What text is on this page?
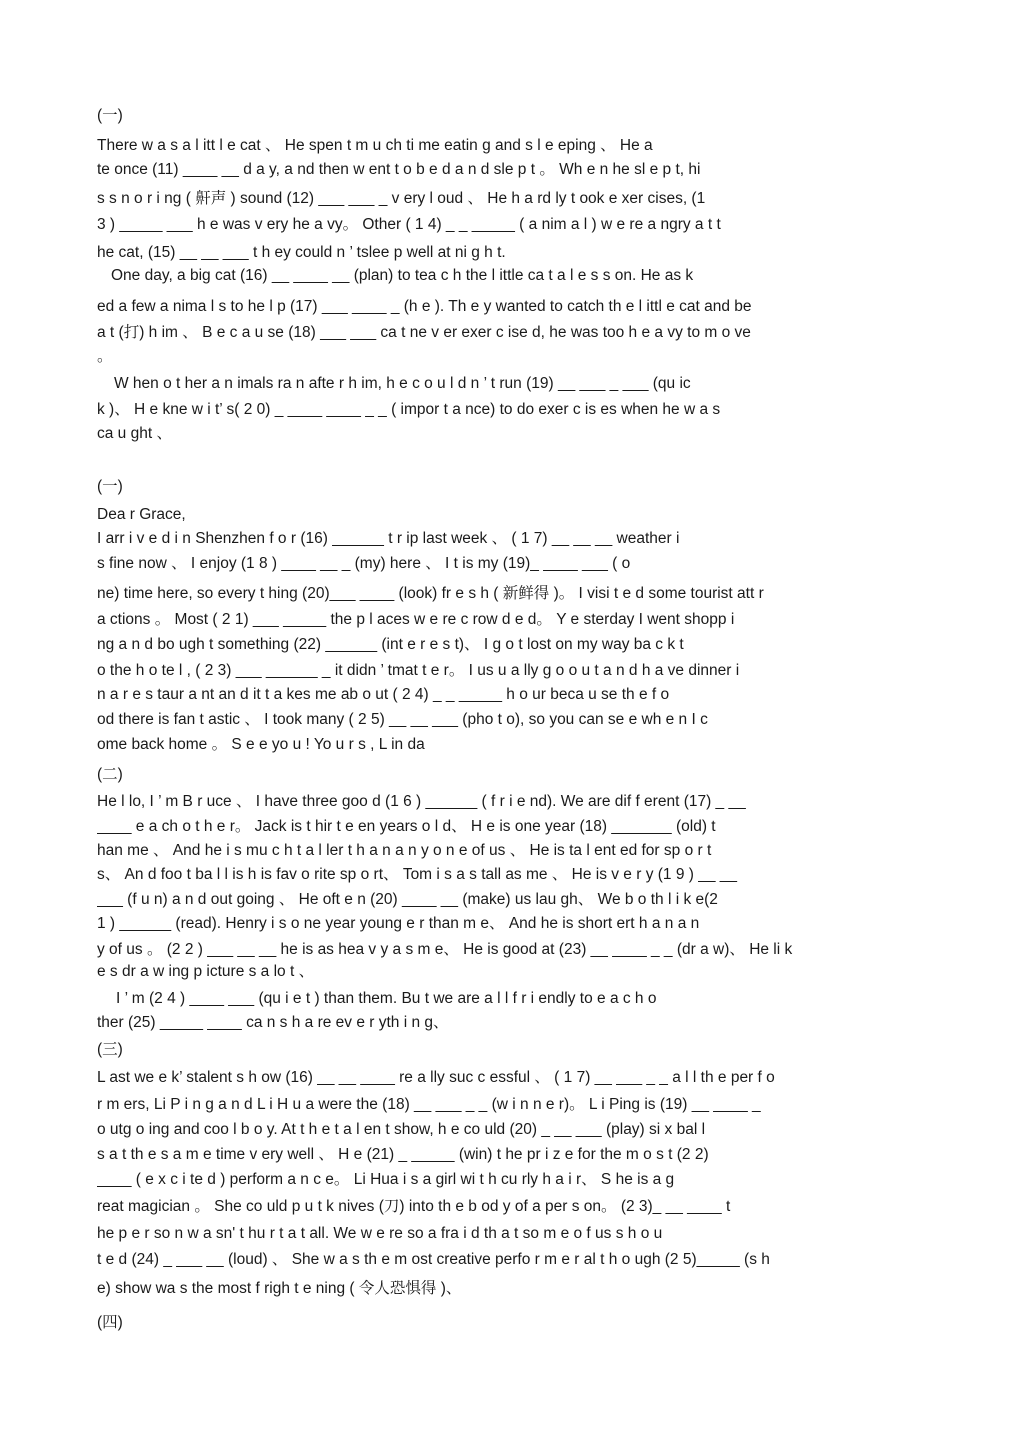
(一)
There w a s a l itt l e cat 、 He spen t m u ch ti me eatin g and s l e eping 、 He a
te once (11) ____ __ d a y, a nd then w ent t o b e d a n d sle p t 。 Wh e n he sl e p t, hi
s s n o r i ng ( 鼾声 ) sound (12) ___ ___ _ v ery l oud 、 He h a rd ly t ook e xer cises, (1
3 ) _____ ___ h e was v ery he a vy。 Other ( 1 4) _ _ _____ ( a nim a l ) w e re a ngry a t t
he cat, (15) __ __ ___ t h ey could n ’ tslee p well at ni g h t.
One day, a big cat (16) __ ____ __ (plan) to tea c h the l ittle ca t a l e s s on. He as k
ed a few a nima l s to he l p (17) ___ ____ _ (h e ). Th e y wanted to catch th e l ittl e cat and be
a t (打) h im 、 B e c a u se (18) ___ ___ ca t ne v er exer c ise d, he was too h e a vy to m o ve
。
W hen o t her a n imals ra n afte r h im, h e c o u l d n ’ t run (19) __ ___ _ ___ (qu ic
k )、 H e kne w i t’ s( 2 0) _ ____ ____ _ _ ( impor t a nce) to do exer c is es when he w a s
ca u ght 、
(一)
Dea r Grace,
I arr i v e d i n Shenzhen f o r (16) ______ t r ip last week 、 ( 1 7) __ __ __ weather i
s fine now 、 I enjoy (1 8 ) ____ __ _ (my) here 、 I t is my (19)_ ____ ___ ( o
ne) time here, so every t hing (20)___ ____ (look) fr e s h ( 新鲜得 )。 I visi t e d some tourist att r
a ctions 。 Most ( 2 1) ___ _____ the p l aces w e re c row d e d。 Y e sterday I went shopp i
ng a n d bo ugh t something (22) ______ (int e r e s t)、 I g o t lost on my way ba c k t
o the h o te l , ( 2 3) ___ ______ _ it didn ’ tmat t e r。 I us u a lly g o o u t a n d h a ve dinner i
n a r e s taur a nt an d it t a kes me ab o ut ( 2 4) _ _ _____ h o ur beca u se th e f o
od there is fan t astic 、 I took many ( 2 5) __ __ ___ (pho t o), so you can se e wh e n I c
ome back home 。 S e e yo u ! Yo u r s , L in da
(二)
He l lo, I ’ m B r uce 、 I have three goo d (1 6 ) ______ ( f r i e nd). We are dif f erent (17) _ __
____ e a ch o t h e r。 Jack is t hir t e en years o l d、 H e is one year (18) _______ (old) t
han me 、 And he i s mu c h t a l ler t h a n a n y o n e of us 、 He is ta l ent ed for sp o r t
s、 An d foo t ba l l is h is fav o rite sp o rt、 Tom i s a s tall as me 、 He is v e r y (1 9 ) __ __
___ (f u n) a n d out going 、 He oft e n (20) ____ __ (make) us lau gh、 We b o th l i k e(2
1 ) ______ (read). Henry i s o ne year young e r than m e、 And he is short ert h a n a n
y of us 。 (2 2 ) ___ __ __ he is as hea v y a s m e、 He is good at (23) __ ____ _ _ (dr a w)、 He li k
e s dr a w ing p icture s a lo t 、
I ’ m (2 4 ) ____ ___ (qu i e t ) than them. Bu t we are a l l f r i endly to e a c h o
ther (25) _____ ____ ca n s h a re ev e r yth i n g、
(三)
L ast we e k’ stalent s h ow (16) __ __ ____ re a lly suc c essful 、 ( 1 7) __ ___ _ _ a l l th e per f o
r m ers, Li P i n g a n d L i H u a were the (18) __ ___ _ _ (w i n n e r)。 L i Ping is (19) __ ____ _
o utg o ing and coo l b o y. At t h e t a l en t show, h e co uld (20) _ __ ___ (play) si x bal l
s a t th e s a m e time v ery well 、 H e (21) _ _____ (win) t he pr i z e for the m o s t (2 2)
____ ( e x c i te d ) perform a n c e。 Li Hua i s a girl wi t h cu rly h a i r、 S he is a g
reat magician 。 She co uld p u t k nives (刀) into th e b od y of a per s on。 (2 3)_ __ ____ t
he p e r so n w a sn' t hu r t a t all. We w e re so a fra i d th a t so m e o f us s h o u
t e d (24) _ ___ __ (loud) 、 She w a s th e m ost creative perfo r m e r al t h o ugh (2 5)_____ (s h
e) show wa s the most f righ t e ning ( 令人恐惧得 )、
(四)
